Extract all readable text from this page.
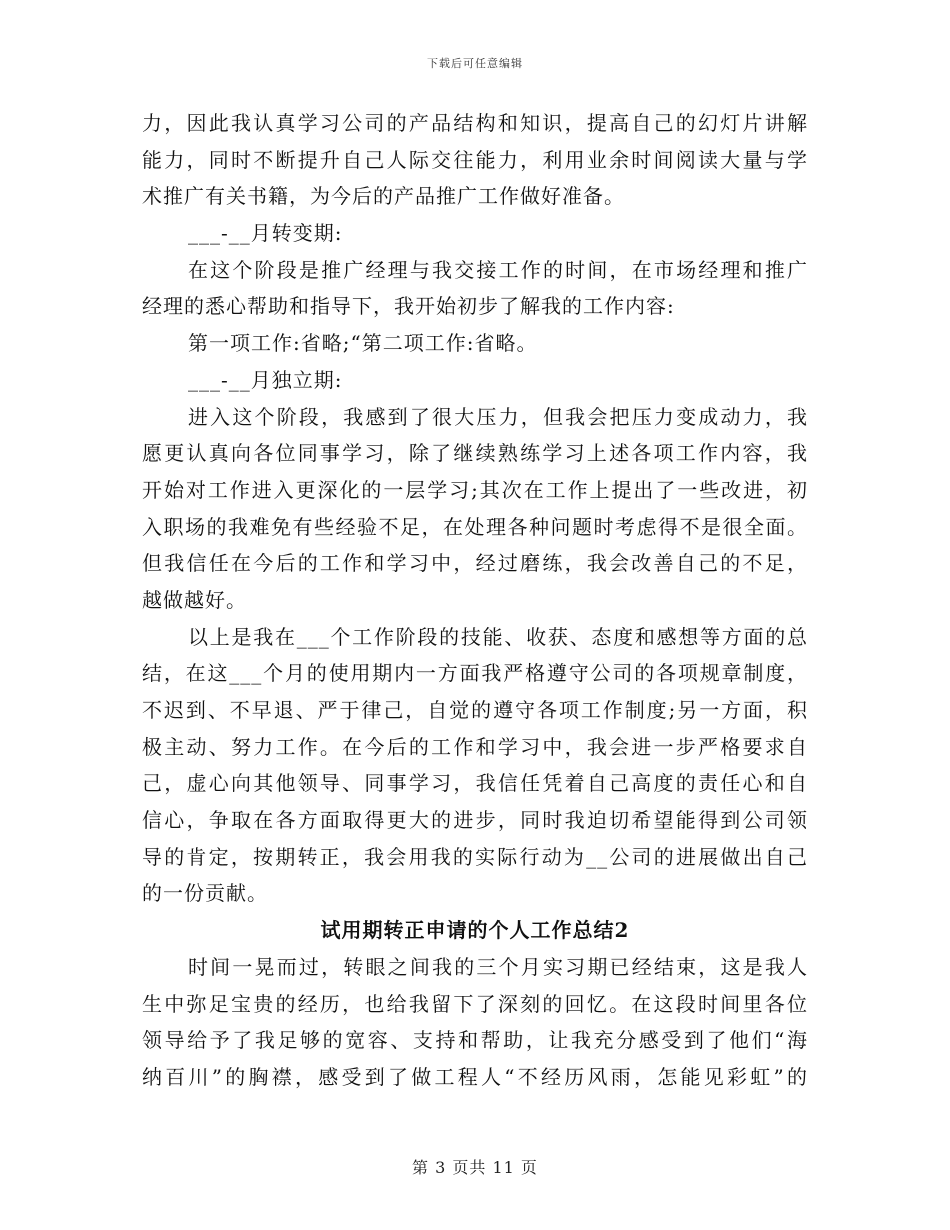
下载后可任意编辑
力，因此我认真学习公司的产品结构和知识，提高自己的幻灯片讲解
能力，同时不断提升自己人际交往能力，利用业余时间阅读大量与学
术推广有关书籍，为今后的产品推广工作做好准备。
___-__月转变期:
在这个阶段是推广经理与我交接工作的时间，在市场经理和推广
经理的悉心帮助和指导下，我开始初步了解我的工作内容:
第一项工作:省略;“第二项工作:省略。
___-__月独立期:
进入这个阶段，我感到了很大压力，但我会把压力变成动力，我
愿更认真向各位同事学习，除了继续熟练学习上述各项工作内容，我
开始对工作进入更深化的一层学习;其次在工作上提出了一些改进，初
入职场的我难免有些经验不足，在处理各种问题时考虑得不是很全面。
但我信任在今后的工作和学习中，经过磨练，我会改善自己的不足，
越做越好。
以上是我在___个工作阶段的技能、收获、态度和感想等方面的总
结，在这___个月的使用期内一方面我严格遵守公司的各项规章制度，
不迟到、不早退、严于律己，自觉的遵守各项工作制度;另一方面，积
极主动、努力工作。在今后的工作和学习中，我会进一步严格要求自
己，虚心向其他领导、同事学习，我信任凭着自己高度的责任心和自
信心，争取在各方面取得更大的进步，同时我迫切希望能得到公司领
导的肯定，按期转正，我会用我的实际行动为__公司的进展做出自己
的一份贡献。
试用期转正申请的个人工作总结2
时间一晃而过，转眼之间我的三个月实习期已经结束，这是我人
生中弥足宝贵的经历，也给我留下了深刻的回忆。在这段时间里各位
领导给予了我足够的宽容、支持和帮助，让我充分感受到了他们“海
纳百川”的胸襟，感受到了做工程人“不经历风雨，怎能见彩虹”的
第 3 页共 11 页
